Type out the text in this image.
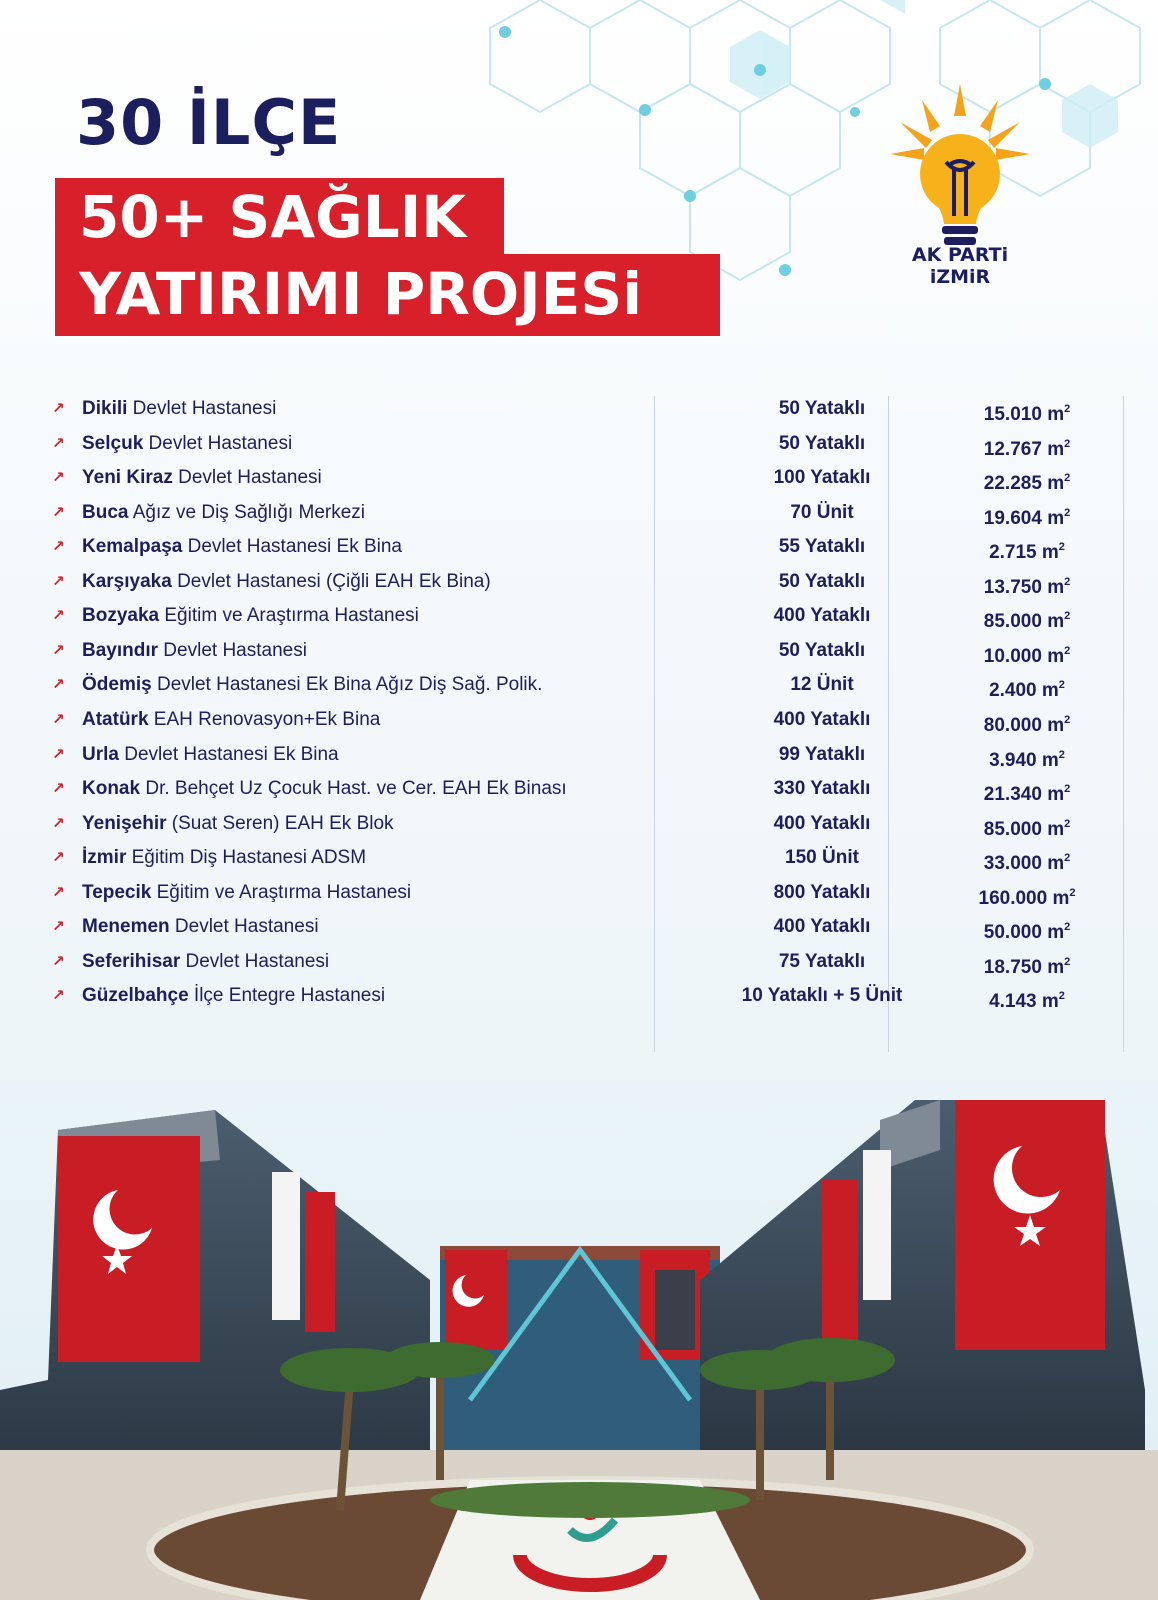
30 İLÇE
50+ SAĞLIK
YATIRIMI PROJESi
AK PARTi
iZMiR
↗ Dikili Devlet Hastanesi	50 Yataklı	15.010 $m^2$
↗ Selçuk Devlet Hastanesi	50 Yataklı	12.767 $m^2$
↗ Yeni Kiraz Devlet Hastanesi	100 Yataklı	22.285 $m^2$
↗ Buca Ağız ve Diş Sağlığı Merkezi	70 Ünit	19.604 $m^2$
↗ Kemalpaşa Devlet Hastanesi Ek Bina	55 Yataklı	2.715 $m^2$
↗ Karşıyaka Devlet Hastanesi (Çiğli EAH Ek Bina)	50 Yataklı	13.750 $m^2$
↗ Bozyaka Eğitim ve Araştırma Hastanesi	400 Yataklı	85.000 $m^2$
↗ Bayındır Devlet Hastanesi	50 Yataklı	10.000 $m^2$
↗ Ödemiş Devlet Hastanesi Ek Bina Ağız Diş Sağ. Polik.	12 Ünit	2.400 $m^2$
↗ Atatürk EAH Renovasyon+Ek Bina	400 Yataklı	80.000 $m^2$
↗ Urla Devlet Hastanesi Ek Bina	99 Yataklı	3.940 $m^2$
↗ Konak Dr. Behçet Uz Çocuk Hast. ve Cer. EAH Ek Binası	330 Yataklı	21.340 $m^2$
↗ Yenişehir (Suat Seren) EAH Ek Blok	400 Yataklı	85.000 $m^2$
↗ İzmir Eğitim Diş Hastanesi ADSM	150 Ünit	33.000 $m^2$
↗ Tepecik Eğitim ve Araştırma Hastanesi	800 Yataklı	160.000 $m^2$
↗ Menemen Devlet Hastanesi	400 Yataklı	50.000 $m^2$
↗ Seferihisar Devlet Hastanesi	75 Yataklı	18.750 $m^2$
↗ Güzelbahçe İlçe Entegre Hastanesi	10 Yataklı + 5 Ünit	4.143 $m^2$
